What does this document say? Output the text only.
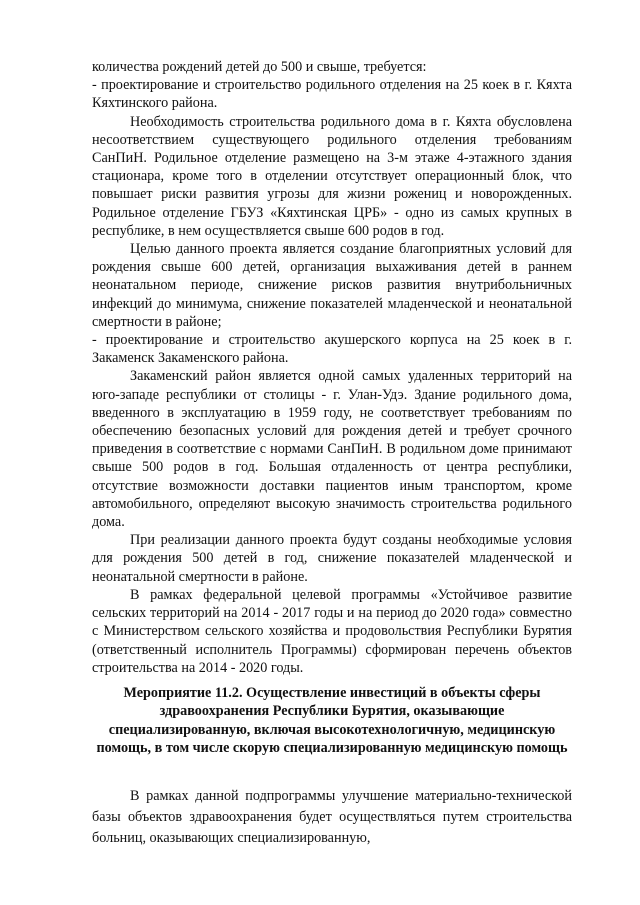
количества рождений детей до 500 и свыше, требуется:

- проектирование и строительство родильного отделения на 25 коек в г. Кяхта Кяхтинского района.

Необходимость строительства родильного дома в г. Кяхта обусловлена несоответствием существующего родильного отделения требованиям СанПиН. Родильное отделение размещено на 3-м этаже 4-этажного здания стационара, кроме того в отделении отсутствует операционный блок, что повышает риски развития угрозы для жизни рожениц и новорожденных. Родильное отделение ГБУЗ «Кяхтинская ЦРБ» - одно из самых крупных в республике, в нем осуществляется свыше 600 родов в год.

Целью данного проекта является создание благоприятных условий для рождения свыше 600 детей, организация выхаживания детей в раннем неонатальном периоде, снижение рисков развития внутрибольничных инфекций до минимума, снижение показателей младенческой и неонатальной смертности в районе;

- проектирование и строительство акушерского корпуса на 25 коек в г. Закаменск Закаменского района.

Закаменский район является одной самых удаленных территорий на юго-западе республики от столицы - г. Улан-Удэ. Здание родильного дома, введенного в эксплуатацию в 1959 году, не соответствует требованиям по обеспечению безопасных условий для рождения детей и требует срочного приведения в соответствие с нормами СанПиН. В родильном доме принимают свыше 500 родов в год. Большая отдаленность от центра республики, отсутствие возможности доставки пациентов иным транспортом, кроме автомобильного, определяют высокую значимость строительства родильного дома.

При реализации данного проекта будут созданы необходимые условия для рождения 500 детей в год, снижение показателей младенческой и неонатальной смертности в районе.

В рамках федеральной целевой программы «Устойчивое развитие сельских территорий на 2014 - 2017 годы и на период до 2020 года» совместно с Министерством сельского хозяйства и продовольствия Республики Бурятия (ответственный исполнитель Программы) сформирован перечень объектов строительства на 2014 - 2020 годы.

Мероприятие 11.2. Осуществление инвестиций в объекты сферы здравоохранения Республики Бурятия, оказывающие специализированную, включая высокотехнологичную, медицинскую помощь, в том числе скорую специализированную медицинскую помощь

В рамках данной подпрограммы улучшение материально-технической базы объектов здравоохранения будет осуществляться путем строительства больниц, оказывающих специализированную,
